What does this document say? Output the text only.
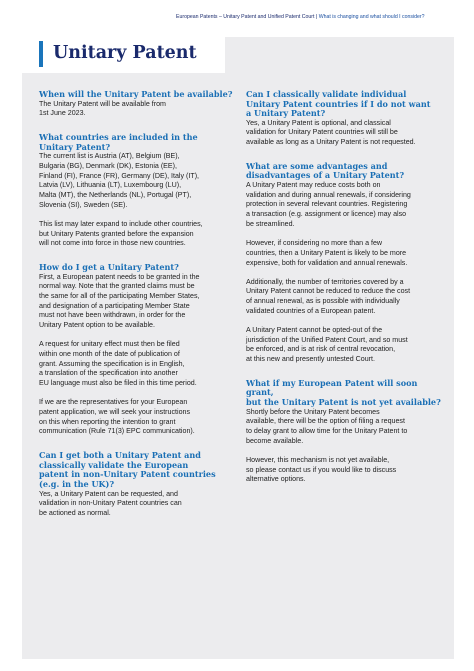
European Patents – Unitary Patent and Unified Patent Court | What is changing and what should I consider?
Unitary Patent
When will the Unitary Patent be available?
The Unitary Patent will be available from
1st June 2023.
What countries are included in the
Unitary Patent?
The current list is Austria (AT), Belgium (BE),
Bulgaria (BG), Denmark (DK), Estonia (EE),
Finland (FI), France (FR), Germany (DE), Italy (IT),
Latvia (LV), Lithuania (LT), Luxembourg (LU),
Malta (MT), the Netherlands (NL), Portugal (PT),
Slovenia (SI), Sweden (SE).
This list may later expand to include other countries,
but Unitary Patents granted before the expansion
will not come into force in those new countries.
How do I get a Unitary Patent?
First, a European patent needs to be granted in the
normal way. Note that the granted claims must be
the same for all of the participating Member States,
and designation of a participating Member State
must not have been withdrawn, in order for the
Unitary Patent option to be available.
A request for unitary effect must then be filed
within one month of the date of publication of
grant. Assuming the specification is in English,
a translation of the specification into another
EU language must also be filed in this time period.
If we are the representatives for your European
patent application, we will seek your instructions
on this when reporting the intention to grant
communication (Rule 71(3) EPC communication).
Can I get both a Unitary Patent and
classically validate the European
patent in non-Unitary Patent countries
(e.g. in the UK)?
Yes, a Unitary Patent can be requested, and
validation in non-Unitary Patent countries can
be actioned as normal.
Can I classically validate individual
Unitary Patent countries if I do not want
a Unitary Patent?
Yes, a Unitary Patent is optional, and classical
validation for Unitary Patent countries will still be
available as long as a Unitary Patent is not requested.
What are some advantages and
disadvantages of a Unitary Patent?
A Unitary Patent may reduce costs both on
validation and during annual renewals, if considering
protection in several relevant countries. Registering
a transaction (e.g. assignment or licence) may also
be streamlined.
However, if considering no more than a few
countries, then a Unitary Patent is likely to be more
expensive, both for validation and annual renewals.
Additionally, the number of territories covered by a
Unitary Patent cannot be reduced to reduce the cost
of annual renewal, as is possible with individually
validated countries of a European patent.
A Unitary Patent cannot be opted-out of the
jurisdiction of the Unified Patent Court, and so must
be enforced, and is at risk of central revocation,
at this new and presently untested Court.
What if my European Patent will soon grant,
but the Unitary Patent is not yet available?
Shortly before the Unitary Patent becomes
available, there will be the option of filing a request
to delay grant to allow time for the Unitary Patent to
become available.
However, this mechanism is not yet available,
so please contact us if you would like to discuss
alternative options.
